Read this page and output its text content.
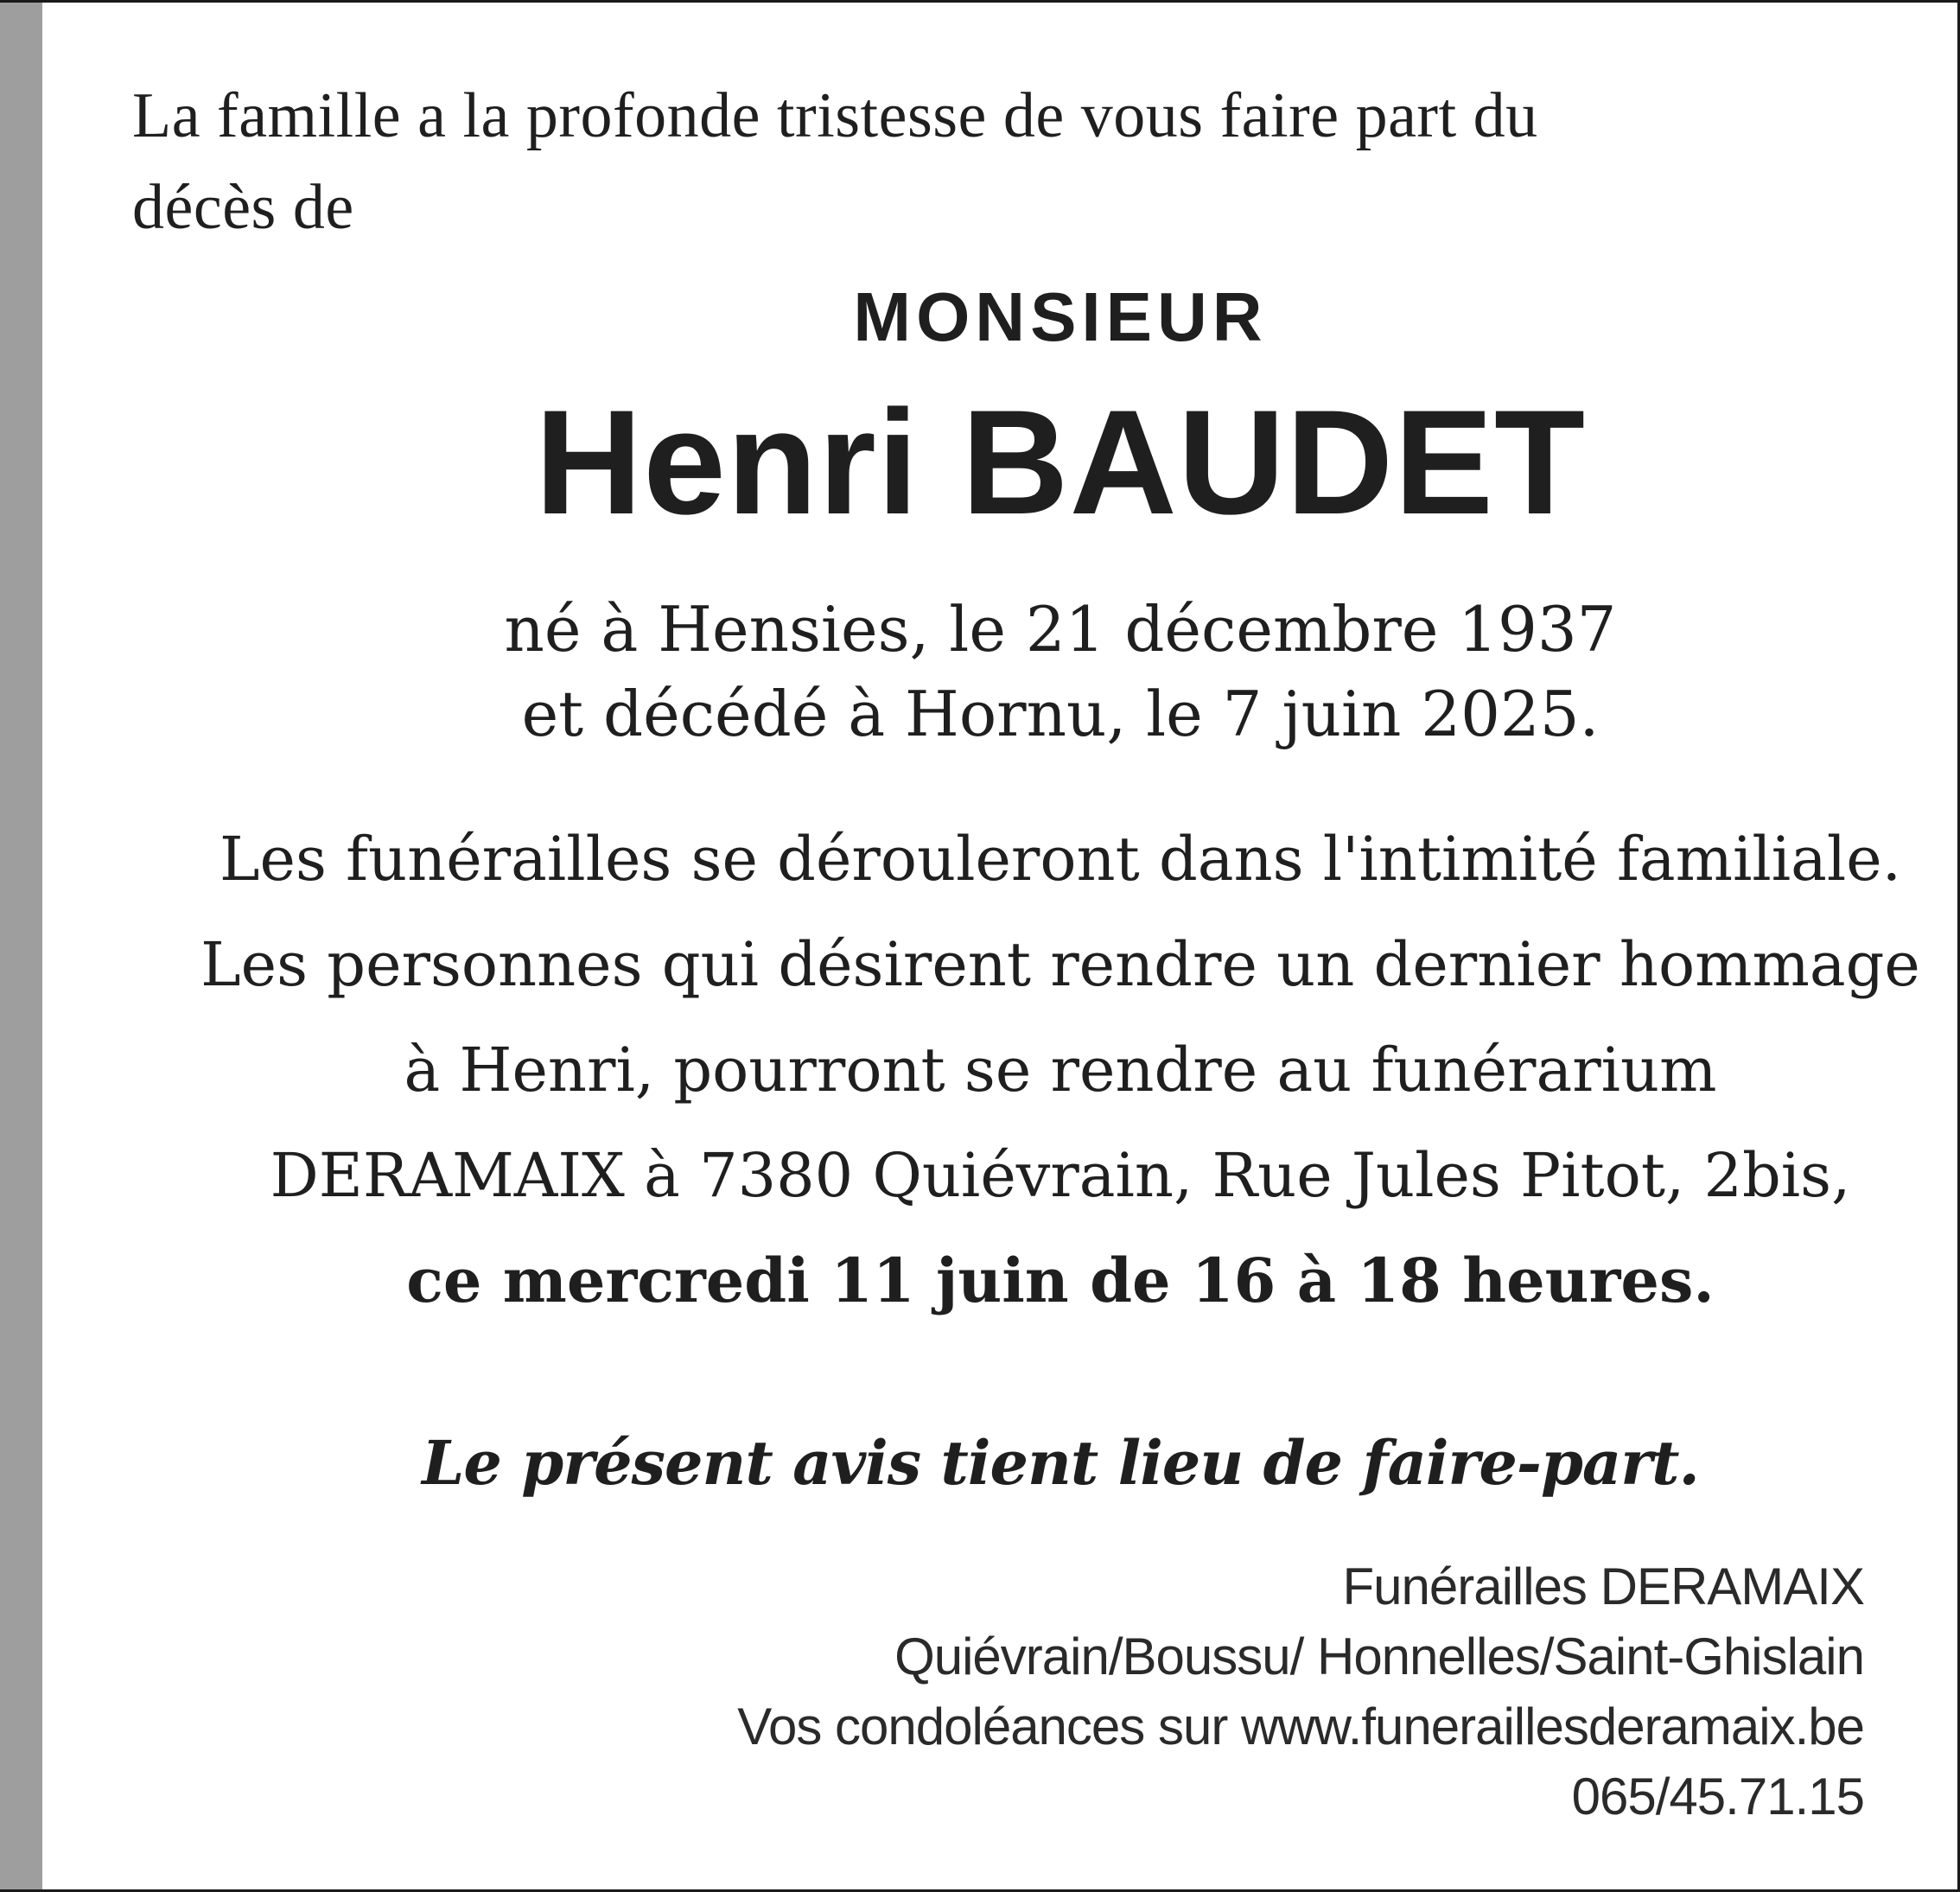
La famille a la profonde tristesse de vous faire part du
décès de
MONSIEUR
Henri BAUDET
né à Hensies, le 21 décembre 1937
et décédé à Hornu, le 7 juin 2025.
Les funérailles se dérouleront dans l'intimité familiale.
Les personnes qui désirent rendre un dernier hommage
à Henri, pourront se rendre au funérarium
DERAMAIX à 7380 Quiévrain, Rue Jules Pitot, 2bis,
ce mercredi 11 juin de 16 à 18 heures.
Le présent avis tient lieu de faire-part.
Funérailles DERAMAIX
Quiévrain/Boussu/ Honnelles/Saint-Ghislain
Vos condoléances sur www.funeraillesderamaix.be
065/45.71.15
